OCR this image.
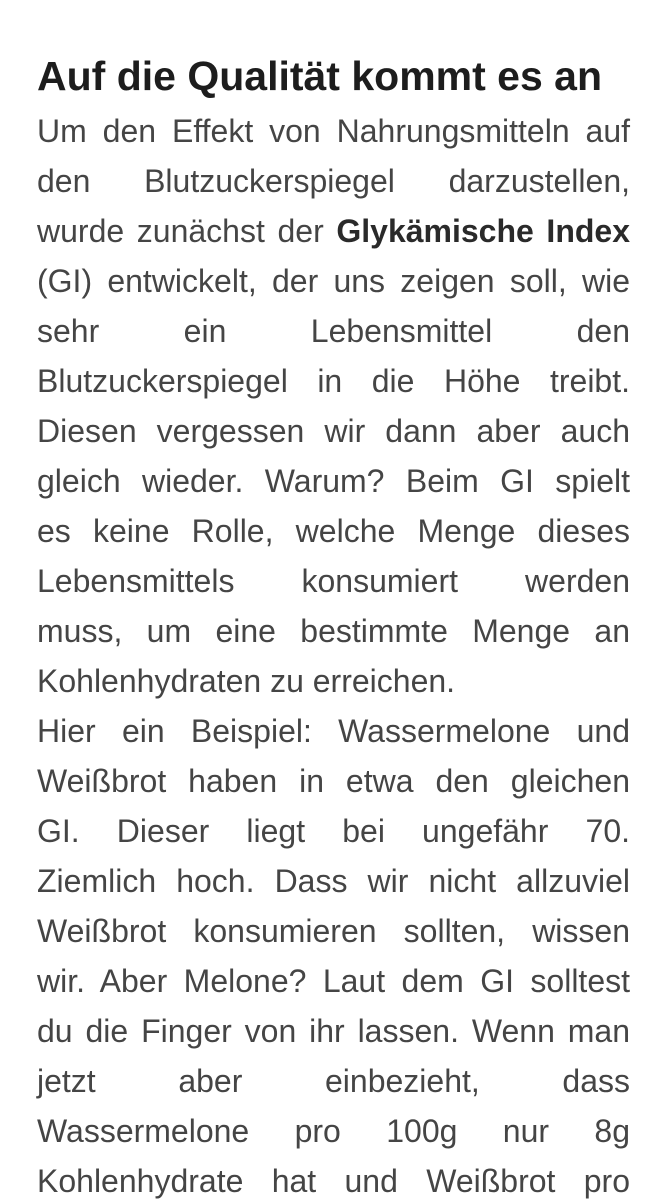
Auf die Qualität kommt es an
Um den Effekt von Nahrungsmitteln auf
den Blutzuckerspiegel darzustellen,
wurde zunächst der Glykämische Index
(GI) entwickelt, der uns zeigen soll, wie
sehr ein Lebensmittel den
Blutzuckerspiegel in die Höhe treibt.
Diesen vergessen wir dann aber auch
gleich wieder. Warum? Beim GI spielt
es keine Rolle, welche Menge dieses
Lebensmittels konsumiert werden
muss, um eine bestimmte Menge an
Kohlenhydraten zu erreichen.
Hier ein Beispiel: Wassermelone und
Weißbrot haben in etwa den gleichen
GI. Dieser liegt bei ungefähr 70.
Ziemlich hoch. Dass wir nicht allzuviel
Weißbrot konsumieren sollten, wissen
wir. Aber Melone? Laut dem GI solltest
du die Finger von ihr lassen. Wenn man
jetzt aber einbezieht, dass
Wassermelone pro 100g nur 8g
Kohlenhydrate hat und Weißbrot pro
